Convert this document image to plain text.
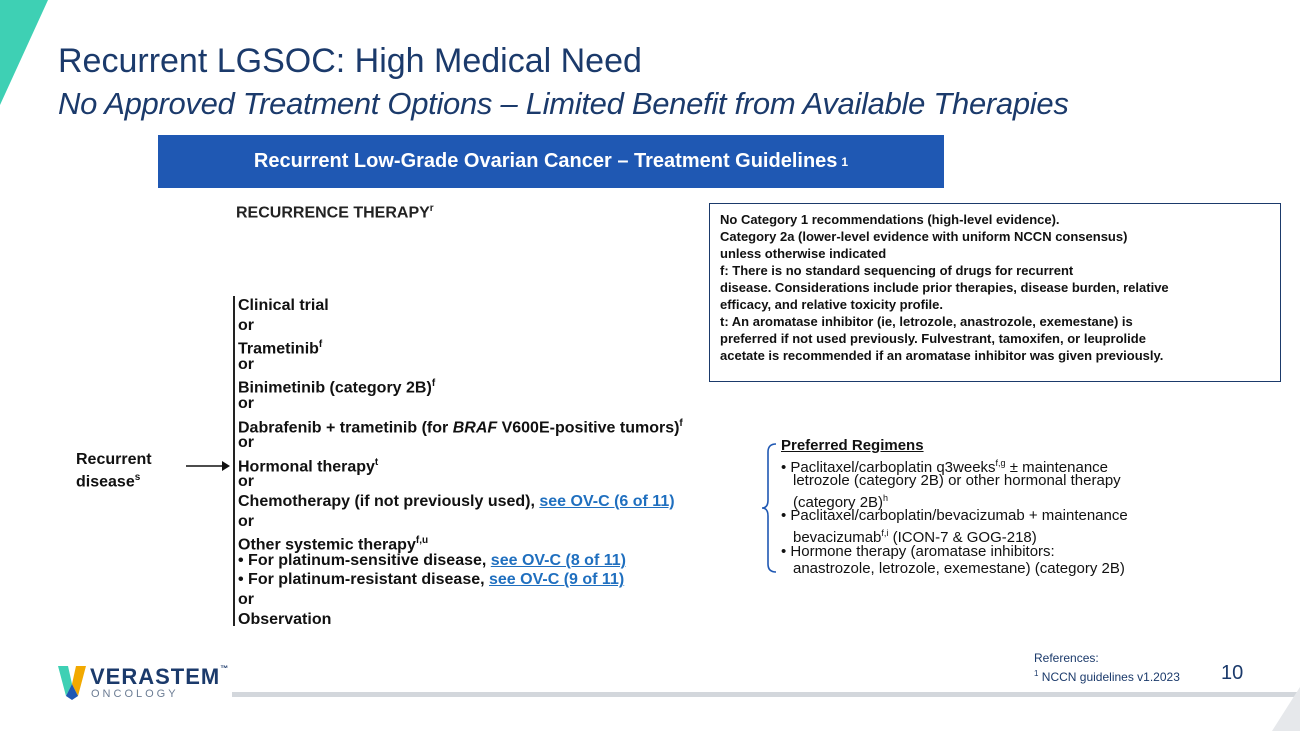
Recurrent LGSOC: High Medical Need
No Approved Treatment Options – Limited Benefit from Available Therapies
Recurrent Low-Grade Ovarian Cancer – Treatment Guidelines 1
RECURRENCE THERAPY$^r$
No Category 1 recommendations (high-level evidence).
Category 2a (lower-level evidence with uniform NCCN consensus)
unless otherwise indicated
f: There is no standard sequencing of drugs for recurrent
disease. Considerations include prior therapies, disease burden, relative
efficacy, and relative toxicity profile.
t: An aromatase inhibitor (ie, letrozole, anastrozole, exemestane) is
preferred if not used previously. Fulvestrant, tamoxifen, or leuprolide
acetate is recommended if an aromatase inhibitor was given previously.
Recurrent
disease$^s$
Clinical trial
or
Trametinib$^f$
or
Binimetinib (category 2B)$^f$
or
Dabrafenib + trametinib (for BRAF V600E-positive tumors)$^f$
or
Hormonal therapy$^t$
or
Chemotherapy (if not previously used), see OV-C (6 of 11)
or
Other systemic therapy$^{f,u}$
• For platinum-sensitive disease, see OV-C (8 of 11)
• For platinum-resistant disease, see OV-C (9 of 11)
or
Observation
Preferred Regimens
• Paclitaxel/carboplatin q3weeks$^{f,g}$ ± maintenance
letrozole (category 2B) or other hormonal therapy
(category 2B)$^h$
• Paclitaxel/carboplatin/bevacizumab + maintenance
bevacizumab$^{f,i}$ (ICON-7 & GOG-218)
• Hormone therapy (aromatase inhibitors:
anastrozole, letrozole, exemestane) (category 2B)
VERASTEM™
ONCOLOGY
References:
$^1$ NCCN guidelines v1.2023 10
